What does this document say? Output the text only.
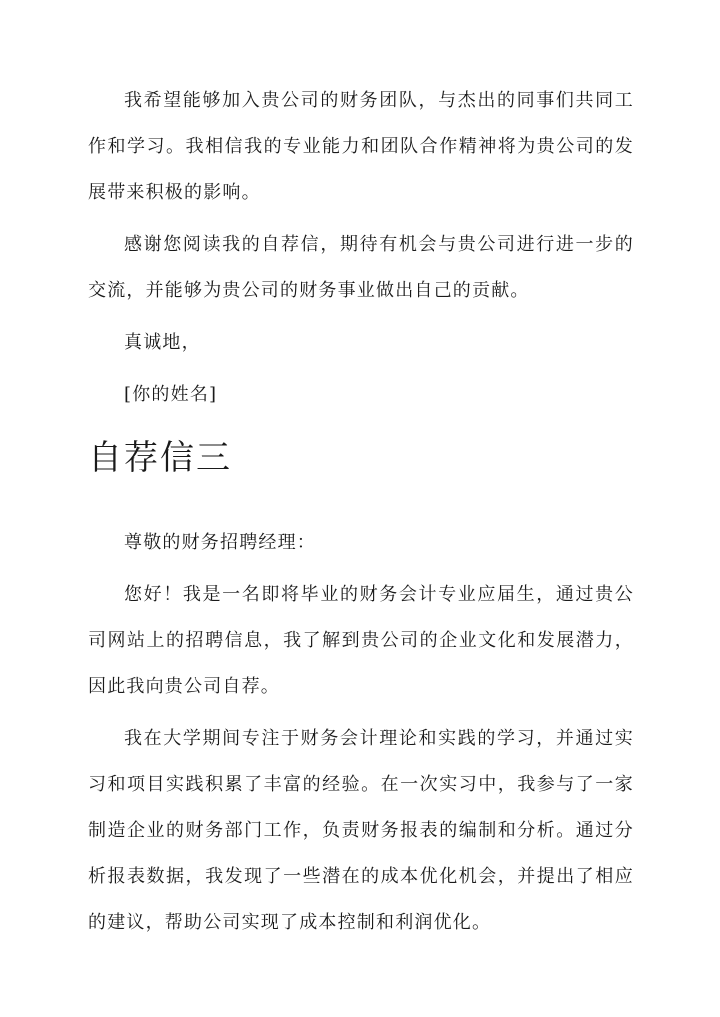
我希望能够加入贵公司的财务团队，与杰出的同事们共同工作和学习。我相信我的专业能力和团队合作精神将为贵公司的发展带来积极的影响。

感谢您阅读我的自荐信，期待有机会与贵公司进行进一步的交流，并能够为贵公司的财务事业做出自己的贡献。

真诚地，

[你的姓名]

自荐信三

尊敬的财务招聘经理：

您好！我是一名即将毕业的财务会计专业应届生，通过贵公司网站上的招聘信息，我了解到贵公司的企业文化和发展潜力，因此我向贵公司自荐。

我在大学期间专注于财务会计理论和实践的学习，并通过实习和项目实践积累了丰富的经验。在一次实习中，我参与了一家制造企业的财务部门工作，负责财务报表的编制和分析。通过分析报表数据，我发现了一些潜在的成本优化机会，并提出了相应的建议，帮助公司实现了成本控制和利润优化。
